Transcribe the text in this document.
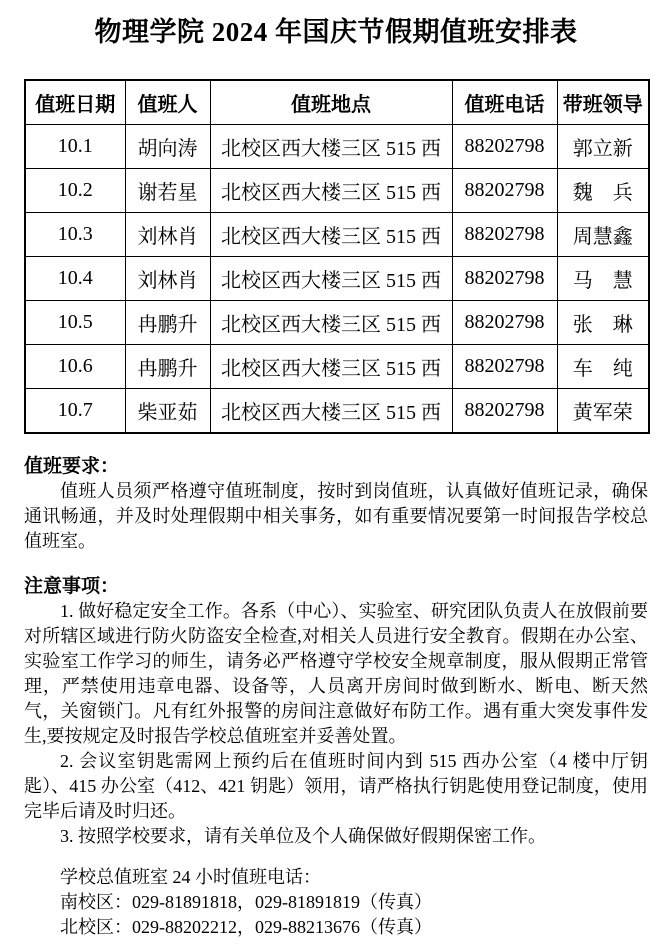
物理学院 2024 年国庆节假期值班安排表
值班日期	值班人	值班地点	值班电话	带班领导
10.1	胡向涛	北校区西大楼三区 515 西	88202798	郭立新
10.2	谢若星	北校区西大楼三区 515 西	88202798	魏　兵
10.3	刘林肖	北校区西大楼三区 515 西	88202798	周慧鑫
10.4	刘林肖	北校区西大楼三区 515 西	88202798	马　慧
10.5	冉鹏升	北校区西大楼三区 515 西	88202798	张　琳
10.6	冉鹏升	北校区西大楼三区 515 西	88202798	车　纯
10.7	柴亚茹	北校区西大楼三区 515 西	88202798	黄军荣
值班要求：

值班人员须严格遵守值班制度，按时到岗值班，认真做好值班记录，确保通讯畅通，并及时处理假期中相关事务，如有重要情况要第一时间报告学校总值班室。

注意事项：

1. 做好稳定安全工作。各系（中心）、实验室、研究团队负责人在放假前要对所辖区域进行防火防盗安全检查,对相关人员进行安全教育。假期在办公室、实验室工作学习的师生，请务必严格遵守学校安全规章制度，服从假期正常管理，严禁使用违章电器、设备等，人员离开房间时做到断水、断电、断天然气，关窗锁门。凡有红外报警的房间注意做好布防工作。遇有重大突发事件发生,要按规定及时报告学校总值班室并妥善处置。

2. 会议室钥匙需网上预约后在值班时间内到 515 西办公室（4 楼中厅钥匙）、415 办公室（412、421 钥匙）领用，请严格执行钥匙使用登记制度，使用完毕后请及时归还。

3. 按照学校要求，请有关单位及个人确保做好假期保密工作。

学校总值班室 24 小时值班电话：

南校区：029-81891818，029-81891819（传真）

北校区：029-88202212，029-88213676（传真）
